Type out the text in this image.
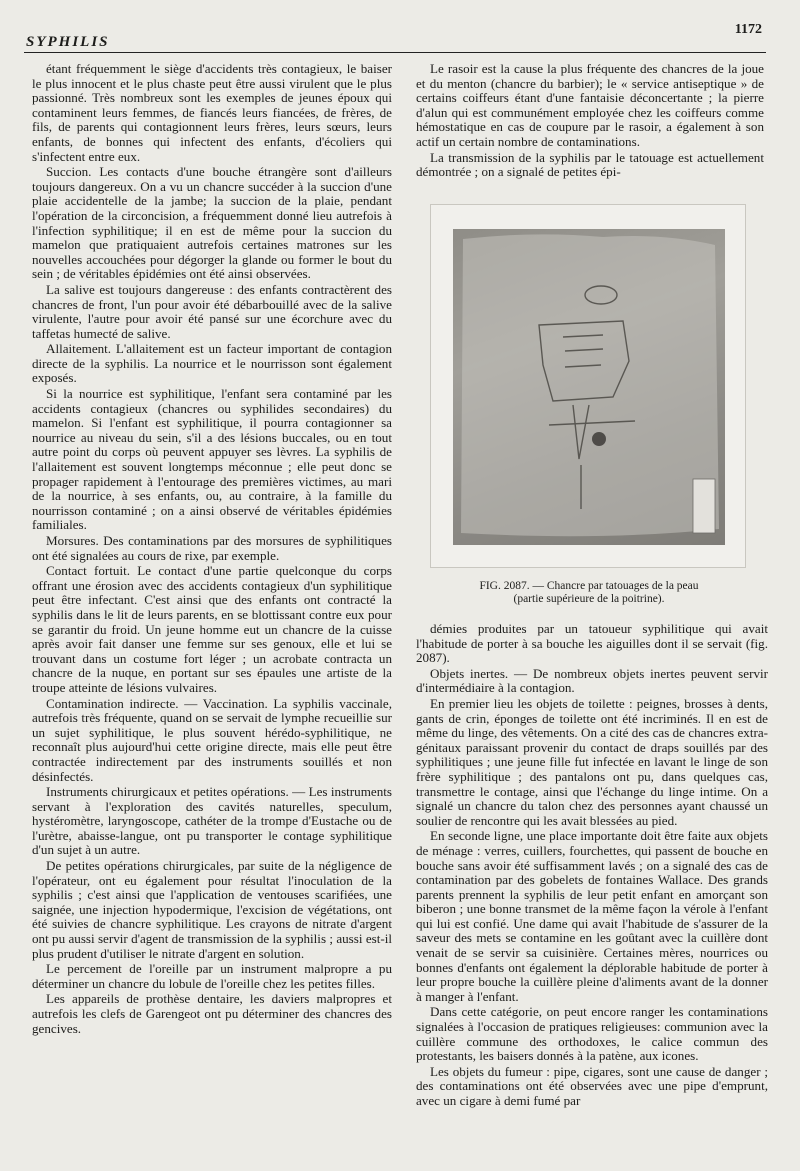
SYPHILIS
1172

étant fréquemment le siège d'accidents très contagieux, le baiser le plus innocent et le plus chaste peut être aussi virulent que le plus passionné. Très nombreux sont les exemples de jeunes époux qui contaminent leurs femmes, de fiancés leurs fiancées, de frères, de fils, de parents qui contagionnent leurs frères, leurs sœurs, leurs enfants, de bonnes qui infectent des enfants, d'écoliers qui s'infectent entre eux.

Succion. Les contacts d'une bouche étrangère sont d'ailleurs toujours dangereux. On a vu un chancre succéder à la succion d'une plaie accidentelle de la jambe; la succion de la plaie, pendant l'opération de la circoncision, a fréquemment donné lieu autrefois à l'infection syphilitique; il en est de même pour la succion du mamelon que pratiquaient autrefois certaines matrones sur les nouvelles accouchées pour dégorger la glande ou former le bout du sein ; de véritables épidémies ont été ainsi observées.

La salive est toujours dangereuse : des enfants contractèrent des chancres de front, l'un pour avoir été débarbouillé avec de la salive virulente, l'autre pour avoir été pansé sur une écorchure avec du taffetas humecté de salive.

Allaitement. L'allaitement est un facteur important de contagion directe de la syphilis. La nourrice et le nourrisson sont également exposés.

Si la nourrice est syphilitique, l'enfant sera contaminé par les accidents contagieux (chancres ou syphilides secondaires) du mamelon. Si l'enfant est syphilitique, il pourra contagionner sa nourrice au niveau du sein, s'il a des lésions buccales, ou en tout autre point du corps où peuvent appuyer ses lèvres. La syphilis de l'allaitement est souvent longtemps méconnue ; elle peut donc se propager rapidement à l'entourage des premières victimes, au mari de la nourrice, à ses enfants, ou, au contraire, à la famille du nourrisson contaminé ; on a ainsi observé de véritables épidémies familiales.

Morsures. Des contaminations par des morsures de syphilitiques ont été signalées au cours de rixe, par exemple.

Contact fortuit. Le contact d'une partie quelconque du corps offrant une érosion avec des accidents contagieux d'un syphilitique peut être infectant. C'est ainsi que des enfants ont contracté la syphilis dans le lit de leurs parents, en se blottissant contre eux pour se garantir du froid. Un jeune homme eut un chancre de la cuisse après avoir fait danser une femme sur ses genoux, elle et lui se trouvant dans un costume fort léger ; un acrobate contracta un chancre de la nuque, en portant sur ses épaules une artiste de la troupe atteinte de lésions vulvaires.

Contamination indirecte. — Vaccination. La syphilis vaccinale, autrefois très fréquente, quand on se servait de lymphe recueillie sur un sujet syphilitique, le plus souvent hérédo-syphilitique, ne reconnaît plus aujourd'hui cette origine directe, mais elle peut être contractée indirectement par des instruments souillés et non désinfectés.

Instruments chirurgicaux et petites opérations. — Les instruments servant à l'exploration des cavités naturelles, speculum, hystéromètre, laryngoscope, cathéter de la trompe d'Eustache ou de l'urètre, abaisse-langue, ont pu transporter le contage syphilitique d'un sujet à un autre.

De petites opérations chirurgicales, par suite de la négligence de l'opérateur, ont eu également pour résultat l'inoculation de la syphilis ; c'est ainsi que l'application de ventouses scarifiées, une saignée, une injection hypodermique, l'excision de végétations, ont été suivies de chancre syphilitique. Les crayons de nitrate d'argent ont pu aussi servir d'agent de transmission de la syphilis ; aussi est-il plus prudent d'utiliser le nitrate d'argent en solution.

Le percement de l'oreille par un instrument malpropre a pu déterminer un chancre du lobule de l'oreille chez les petites filles.

Les appareils de prothèse dentaire, les daviers malpropres et autrefois les clefs de Garengeot ont pu déterminer des chancres des gencives.

Le rasoir est la cause la plus fréquente des chancres de la joue et du menton (chancre du barbier); le « service antiseptique » de certains coiffeurs étant d'une fantaisie déconcertante ; la pierre d'alun qui est communément employée chez les coiffeurs comme hémostatique en cas de coupure par le rasoir, a également à son actif un certain nombre de contaminations.

La transmission de la syphilis par le tatouage est actuellement démontrée ; on a signalé de petites épi-

FIG. 2087. — Chancre par tatouages de la peau
(partie supérieure de la poitrine).

démies produites par un tatoueur syphilitique qui avait l'habitude de porter à sa bouche les aiguilles dont il se servait (fig. 2087).

Objets inertes. — De nombreux objets inertes peuvent servir d'intermédiaire à la contagion.

En premier lieu les objets de toilette : peignes, brosses à dents, gants de crin, éponges de toilette ont été incriminés. Il en est de même du linge, des vêtements. On a cité des cas de chancres extra-génitaux paraissant provenir du contact de draps souillés par des syphilitiques ; une jeune fille fut infectée en lavant le linge de son frère syphilitique ; des pantalons ont pu, dans quelques cas, transmettre le contage, ainsi que l'échange du linge intime. On a signalé un chancre du talon chez des personnes ayant chaussé un soulier de rencontre qui les avait blessées au pied.

En seconde ligne, une place importante doit être faite aux objets de ménage : verres, cuillers, fourchettes, qui passent de bouche en bouche sans avoir été suffisamment lavés ; on a signalé des cas de contamination par des gobelets de fontaines Wallace. Des grands parents prennent la syphilis de leur petit enfant en amorçant son biberon ; une bonne transmet de la même façon la vérole à l'enfant qui lui est confié. Une dame qui avait l'habitude de s'assurer de la saveur des mets se contamine en les goûtant avec la cuillère dont venait de se servir sa cuisinière. Certaines mères, nourrices ou bonnes d'enfants ont également la déplorable habitude de porter à leur propre bouche la cuillère pleine d'aliments avant de la donner à manger à l'enfant.

Dans cette catégorie, on peut encore ranger les contaminations signalées à l'occasion de pratiques religieuses: communion avec la cuillère commune des orthodoxes, le calice commun des protestants, les baisers donnés à la patène, aux icones.

Les objets du fumeur : pipe, cigares, sont une cause de danger ; des contaminations ont été observées avec une pipe d'emprunt, avec un cigare à demi fumé par
